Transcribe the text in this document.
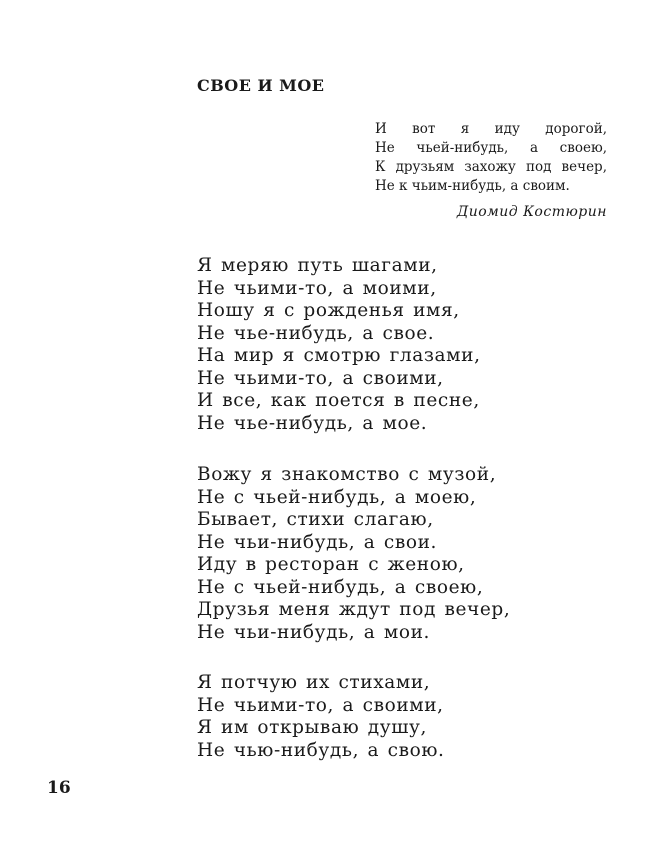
СВОЕ И МОЕ
И вот я иду дорогой,
Не чьей-нибудь, а своею,
К друзьям захожу под вечер,
Не к чьим-нибудь, а своим.
Диомид Костюрин
Я меряю путь шагами,
Не чьими-то, а моими,
Ношу я с рожденья имя,
Не чье-нибудь, а свое.
На мир я смотрю глазами,
Не чьими-то, а своими,
И все, как поется в песне,
Не чье-нибудь, а мое.
Вожу я знакомство с музой,
Не с чьей-нибудь, а моею,
Бывает, стихи слагаю,
Не чьи-нибудь, а свои.
Иду в ресторан с женою,
Не с чьей-нибудь, а своею,
Друзья меня ждут под вечер,
Не чьи-нибудь, а мои.
Я потчую их стихами,
Не чьими-то, а своими,
Я им открываю душу,
Не чью-нибудь, а свою.
16
